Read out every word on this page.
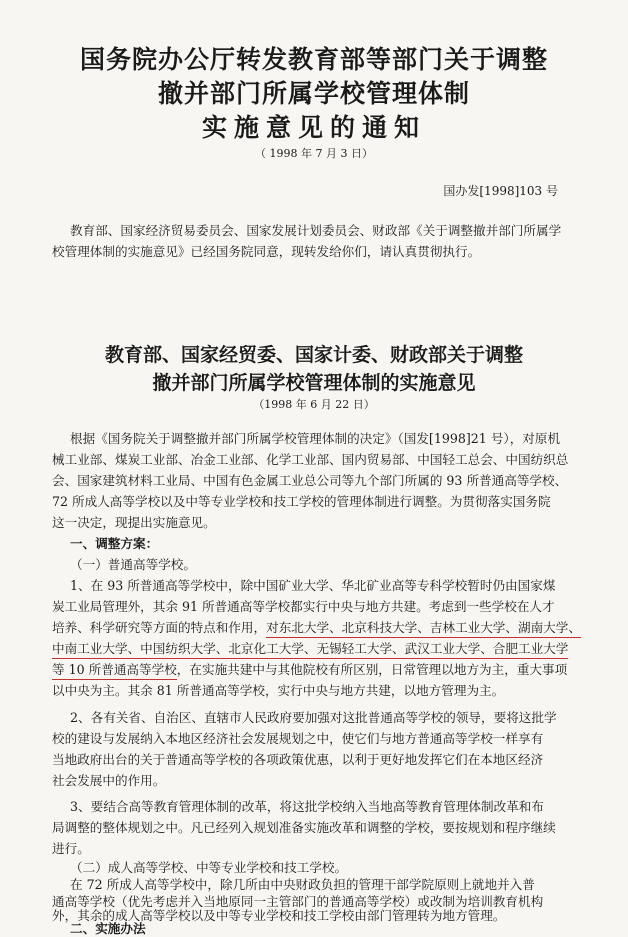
国务院办公厅转发教育部等部门关于调整
撤并部门所属学校管理体制
实施意见的通知
（ 1998 年 7 月 3 日）
国办发[1998]103 号
教育部、国家经济贸易委员会、国家发展计划委员会、财政部《关于调整撤并部门所属学
校管理体制的实施意见》已经国务院同意，现转发给你们，请认真贯彻执行。
教育部、国家经贸委、国家计委、财政部关于调整
撤并部门所属学校管理体制的实施意见
（1998 年 6 月 22 日）
根据《国务院关于调整撤并部门所属学校管理体制的决定》（国发[1998]21 号），对原机
械工业部、煤炭工业部、冶金工业部、化学工业部、国内贸易部、中国轻工总会、中国纺织总
会、国家建筑材料工业局、中国有色金属工业总公司等九个部门所属的 93 所普通高等学校、
72 所成人高等学校以及中等专业学校和技工学校的管理体制进行调整。为贯彻落实国务院
这一决定，现提出实施意见。
一、调整方案：
（一）普通高等学校。
1、在 93 所普通高等学校中，除中国矿业大学、华北矿业高等专科学校暂时仍由国家煤
炭工业局管理外，其余 91 所普通高等学校都实行中央与地方共建。考虑到一些学校在人才
培养、科学研究等方面的特点和作用，对东北大学、北京科技大学、吉林工业大学、湖南大学、
中南工业大学、中国纺织大学、北京化工大学、无锡轻工大学、武汉工业大学、合肥工业大学
等 10 所普通高等学校，在实施共建中与其他院校有所区别，日常管理以地方为主，重大事项
以中央为主。其余 81 所普通高等学校，实行中央与地方共建，以地方管理为主。
2、各有关省、自治区、直辖市人民政府要加强对这批普通高等学校的领导，要将这批学
校的建设与发展纳入本地区经济社会发展规划之中，使它们与地方普通高等学校一样享有
当地政府出台的关于普通高等学校的各项政策优惠，以利于更好地发挥它们在本地区经济
社会发展中的作用。
3、要结合高等教育管理体制的改革，将这批学校纳入当地高等教育管理体制改革和布
局调整的整体规划之中。凡已经列入规划准备实施改革和调整的学校，要按规划和程序继续
进行。
（二）成人高等学校、中等专业学校和技工学校。
在 72 所成人高等学校中，除几所由中央财政负担的管理干部学院原则上就地并入普
通高等学校（优先考虑并入当地原同一主管部门的普通高等学校）或改制为培训教育机构
外，其余的成人高等学校以及中等专业学校和技工学校由部门管理转为地方管理。
二、实施办法
